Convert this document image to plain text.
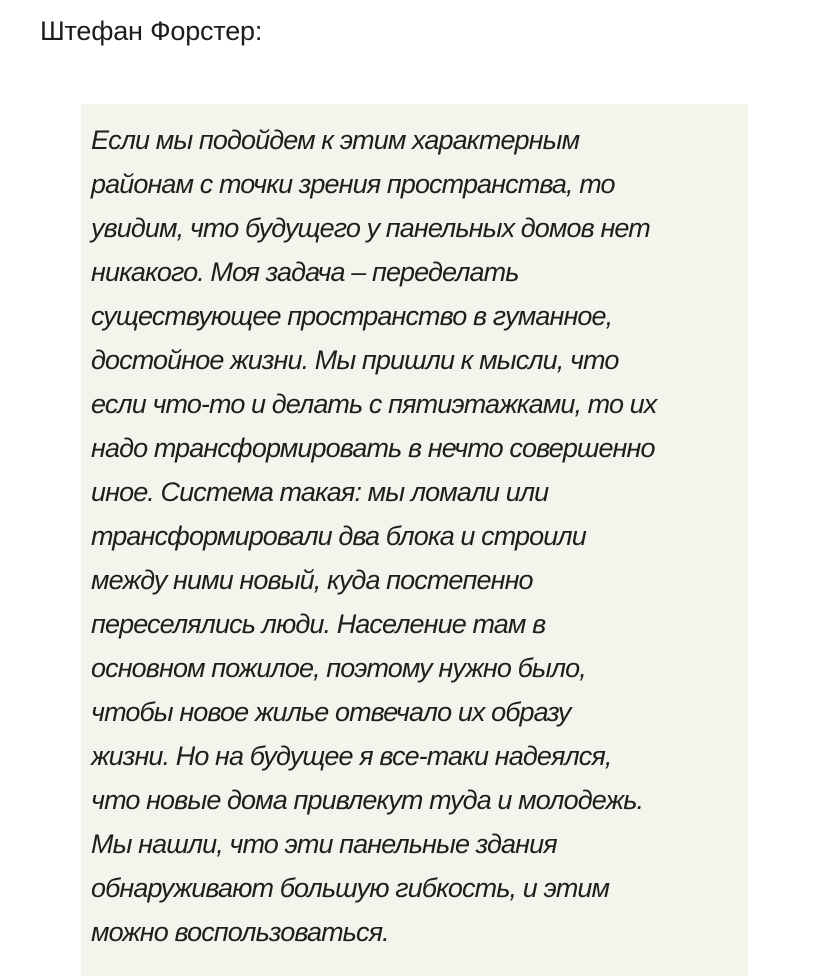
Штефан Форстер:
Если мы подойдем к этим характерным
районам с точки зрения пространства, то
увидим, что будущего у панельных домов нет
никакого. Моя задача – переделать
существующее пространство в гуманное,
достойное жизни. Мы пришли к мысли, что
если что-то и делать с пятиэтажками, то их
надо трансформировать в нечто совершенно
иное. Система такая: мы ломали или
трансформировали два блока и строили
между ними новый, куда постепенно
переселялись люди. Население там в
основном пожилое, поэтому нужно было,
чтобы новое жилье отвечало их образу
жизни. Но на будущее я все-таки надеялся,
что новые дома привлекут туда и молодежь.
Мы нашли, что эти панельные здания
обнаруживают большую гибкость, и этим
можно воспользоваться.
